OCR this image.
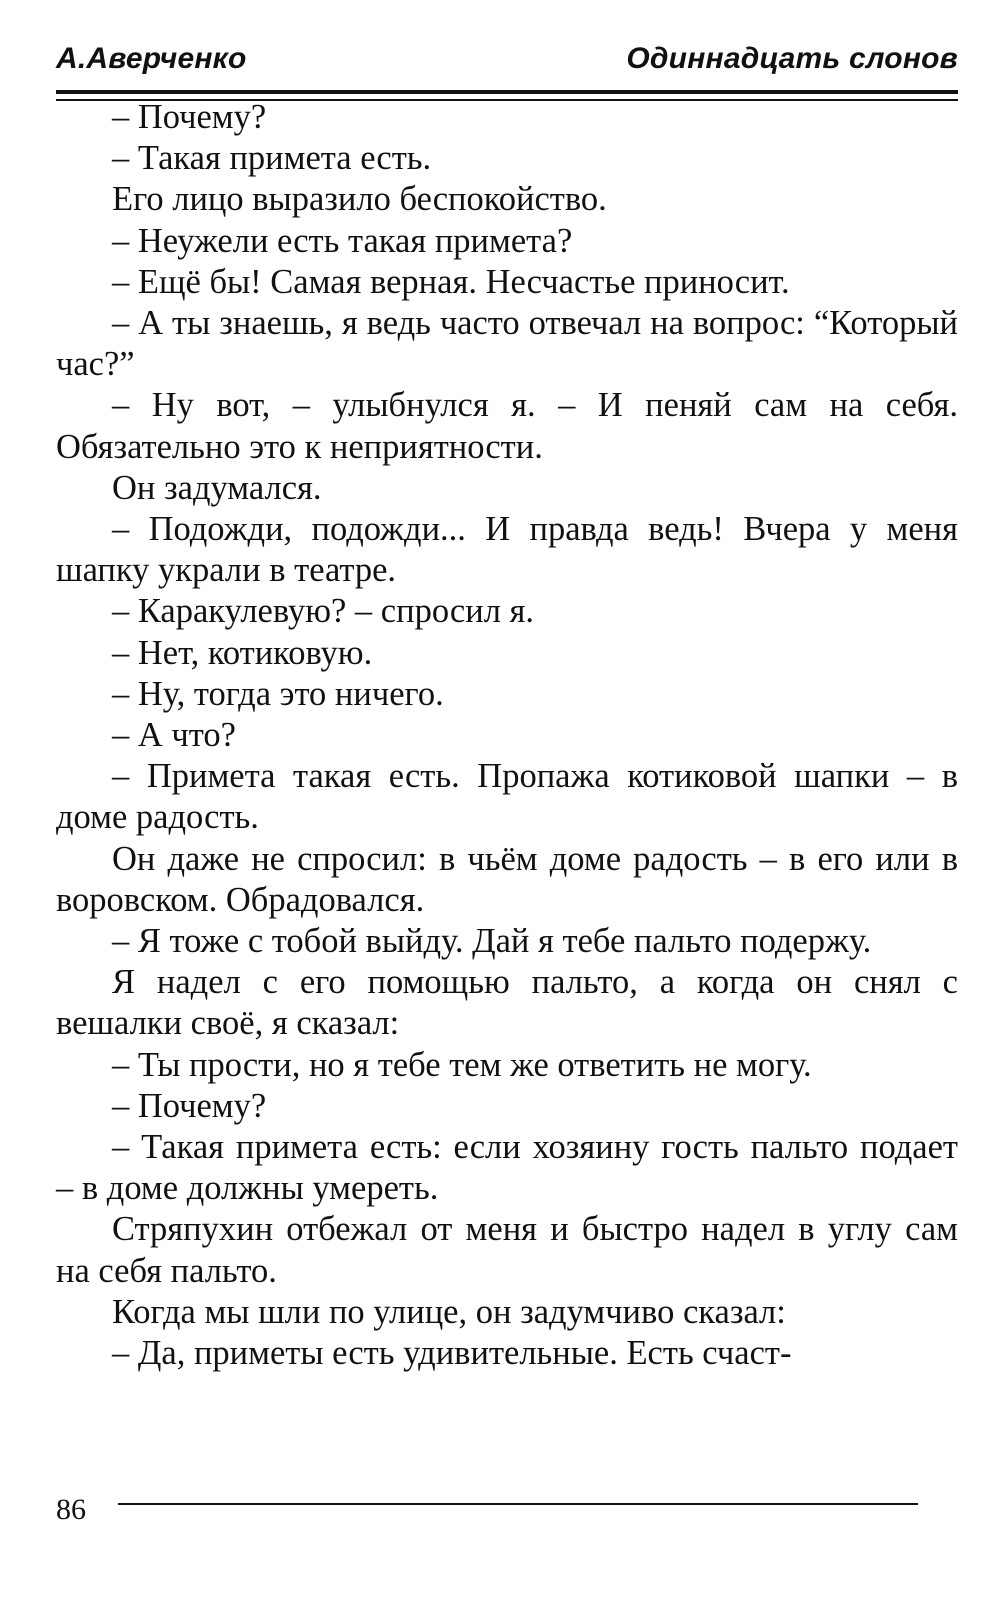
А.Аверченко	Одиннадцать слонов

– Почему?

– Такая примета есть.

Его лицо выразило беспокойство.

– Неужели есть такая примета?

– Ещё бы! Самая верная. Несчастье приносит.

– А ты знаешь, я ведь часто отвечал на вопрос: “Который час?”

– Ну вот, – улыбнулся я. – И пеняй сам на себя. Обязательно это к неприятности.

Он задумался.

– Подожди, подожди... И правда ведь! Вчера у меня шапку украли в театре.

– Каракулевую? – спросил я.

– Нет, котиковую.

– Ну, тогда это ничего.

– А что?

– Примета такая есть. Пропажа котиковой шапки – в доме радость.

Он даже не спросил: в чьём доме радость – в его или в воровском. Обрадовался.

– Я тоже с тобой выйду. Дай я тебе пальто подержу.

Я надел с его помощью пальто, а когда он снял с вешалки своё, я сказал:

– Ты прости, но я тебе тем же ответить не могу.

– Почему?

– Такая примета есть: если хозяину гость пальто подает – в доме должны умереть.

Стряпухин отбежал от меня и быстро надел в углу сам на себя пальто.

Когда мы шли по улице, он задумчиво сказал:

– Да, приметы есть удивительные. Есть счаст-

86
